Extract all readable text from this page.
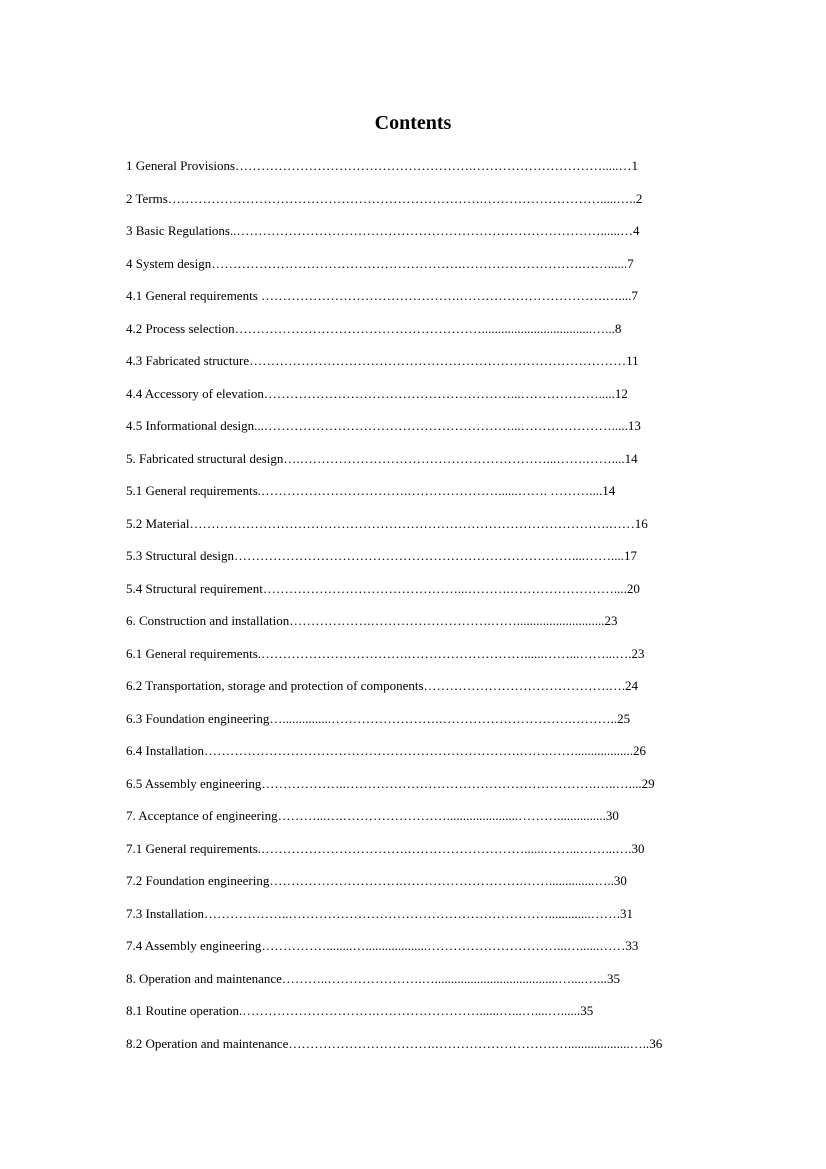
Contents
1 General Provisions……………………………………………….………………………….....… 1
2 Terms……………………………………………………………….……………………….....….. 2
3 Basic Regulations..…………………………………………………………………………......… 4
4 System design………………………………………………….……………………….……...... 7
4.1 General requirements ……………………………………….…………………………….….... 7
4.2 Process selection…………………………………………………..................................…... 8
4.3 Fabricated structure…………………………………………………………………………… 11
4.4 Accessory of elevation…………………………………………………...………………..... 12
4.5 Informational design...…………………………………………………...…………………..... 13
5. Fabricated structural design….…………………………………………………...…….…….... 14
5.1 General requirements.…………………………….…………………......……. ……….... 14
5.2 Material…………………………………………………………………………………….…… 16
5.3 Structural design……………………………………………………………………....…….... 17
5.4 Structural requirement………………………………………...……….…………………….... 20
6. Construction and installation……………….……………………….……........................... 23
6.1 General requirements.…………………………….………………………......……...……...…. 23
6.2 Transportation, storage and protection of components…………………………………….…. 24
6.3 Foundation engineering…...............…………………….………………………….……….. 25
6.4 Installation……………………………………………………………….…….…….................. 26
6.5 Assembly engineering………………..………………………………………………….…..….... 29
7. Acceptance of engineering………...….……………………......................………............... 30
7.1 General requirements.…………………………….………………………......……...……...…. 30
7.2 Foundation engineering………………………….……………………….……..............….. 30
7.3 Installation………………..…………………………………………………….............……. 31
7.4 Assembly engineering……………........…...................…………………………...…......…… 33
8. Operation and maintenance………..………………….…......................................…....…... 35
8.1 Routine operation.………………………….……………………......…...…....…...... 35
8.2 Operation and maintenance…………………………….……………………….…...................….. 36
